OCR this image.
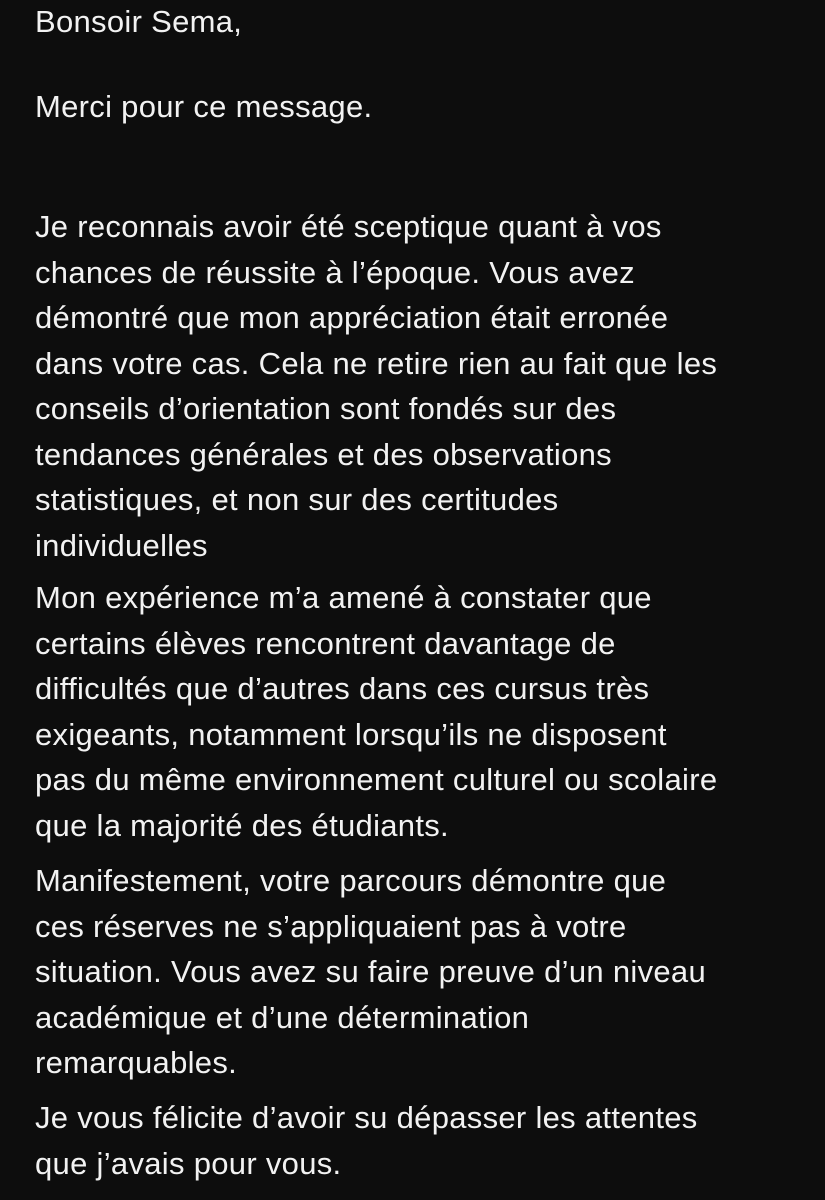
Bonsoir Sema,
Merci pour ce message.
Je reconnais avoir été sceptique quant à vos
chances de réussite à l’époque. Vous avez
démontré que mon appréciation était erronée
dans votre cas. Cela ne retire rien au fait que les
conseils d’orientation sont fondés sur des
tendances générales et des observations
statistiques, et non sur des certitudes
individuelles
Mon expérience m’a amené à constater que
certains élèves rencontrent davantage de
difficultés que d’autres dans ces cursus très
exigeants, notamment lorsqu’ils ne disposent
pas du même environnement culturel ou scolaire
que la majorité des étudiants.
Manifestement, votre parcours démontre que
ces réserves ne s’appliquaient pas à votre
situation. Vous avez su faire preuve d’un niveau
académique et d’une détermination
remarquables.
Je vous félicite d’avoir su dépasser les attentes
que j’avais pour vous.
